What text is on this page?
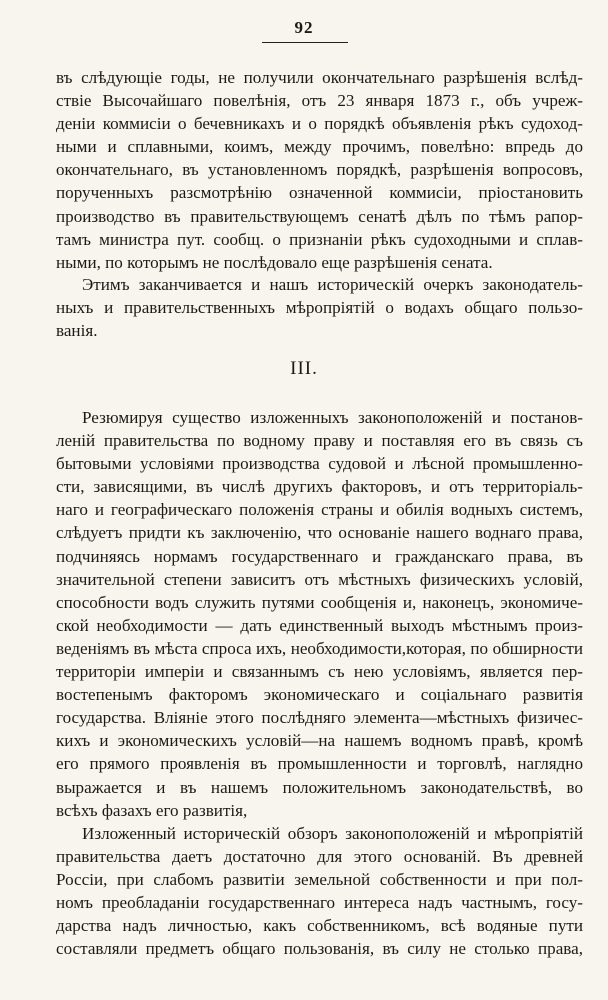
92
въ слѣдующіе годы, не получили окончательнаго разрѣшенія вслѣд-
ствіе Высочайшаго повелѣнія, отъ 23 января 1873 г., объ учреж-
деніи коммисіи о бечевникахъ и о порядкѣ объявленія рѣкъ судоход-
ными и сплавными, коимъ, между прочимъ, повелѣно: впредь до
окончательнаго, въ установленномъ порядкѣ, разрѣшенія вопросовъ,
порученныхъ разсмотрѣнію означенной коммисіи, пріостановить
производство въ правительствующемъ сенатѣ дѣлъ по тѣмъ рапор-
тамъ министра пут. сообщ. о признаніи рѣкъ судоходными и сплав-
ными, по которымъ не послѣдовало еще разрѣшенія сената.
Этимъ заканчивается и нашъ историческій очеркъ законодатель-
ныхъ и правительственныхъ мѣропріятій о водахъ общаго пользо-
ванія.
III.
Резюмируя существо изложенныхъ законоположеній и постанов-
леній правительства по водному праву и поставляя его въ связь съ
бытовыми условіями производства судовой и лѣсной промышленно-
сти, зависящими, въ числѣ другихъ факторовъ, и отъ территоріаль-
наго и географическаго положенія страны и обилія водныхъ системъ,
слѣдуетъ придти къ заключенію, что основаніе нашего воднаго права,
подчиняясь нормамъ государственнаго и гражданскаго права, въ
значительной степени зависитъ отъ мѣстныхъ физическихъ условій,
способности водъ служить путями сообщенія и, наконецъ, экономиче-
ской необходимости — дать единственный выходъ мѣстнымъ произ-
веденіямъ въ мѣста спроса ихъ, необходимости,которая, по обширности
территоріи имперіи и связаннымъ съ нею условіямъ, является пер-
востепенымъ факторомъ экономическаго и соціальнаго развитія
государства. Вліяніе этого послѣдняго элемента—мѣстныхъ физичес-
кихъ и экономическихъ условій—на нашемъ водномъ правѣ, кромѣ
его прямого проявленія въ промышленности и торговлѣ, наглядно
выражается и въ нашемъ положительномъ законодательствѣ, во
всѣхъ фазахъ его развитія,
Изложенный историческій обзоръ законоположеній и мѣропріятій
правительства даетъ достаточно для этого основаній. Въ древней
Россіи, при слабомъ развитіи земельной собственности и при пол-
номъ преобладаніи государственнаго интереса надъ частнымъ, госу-
дарства надъ личностью, какъ собственникомъ, всѣ водяные пути
составляли предметъ общаго пользованія, въ силу не столько права,
